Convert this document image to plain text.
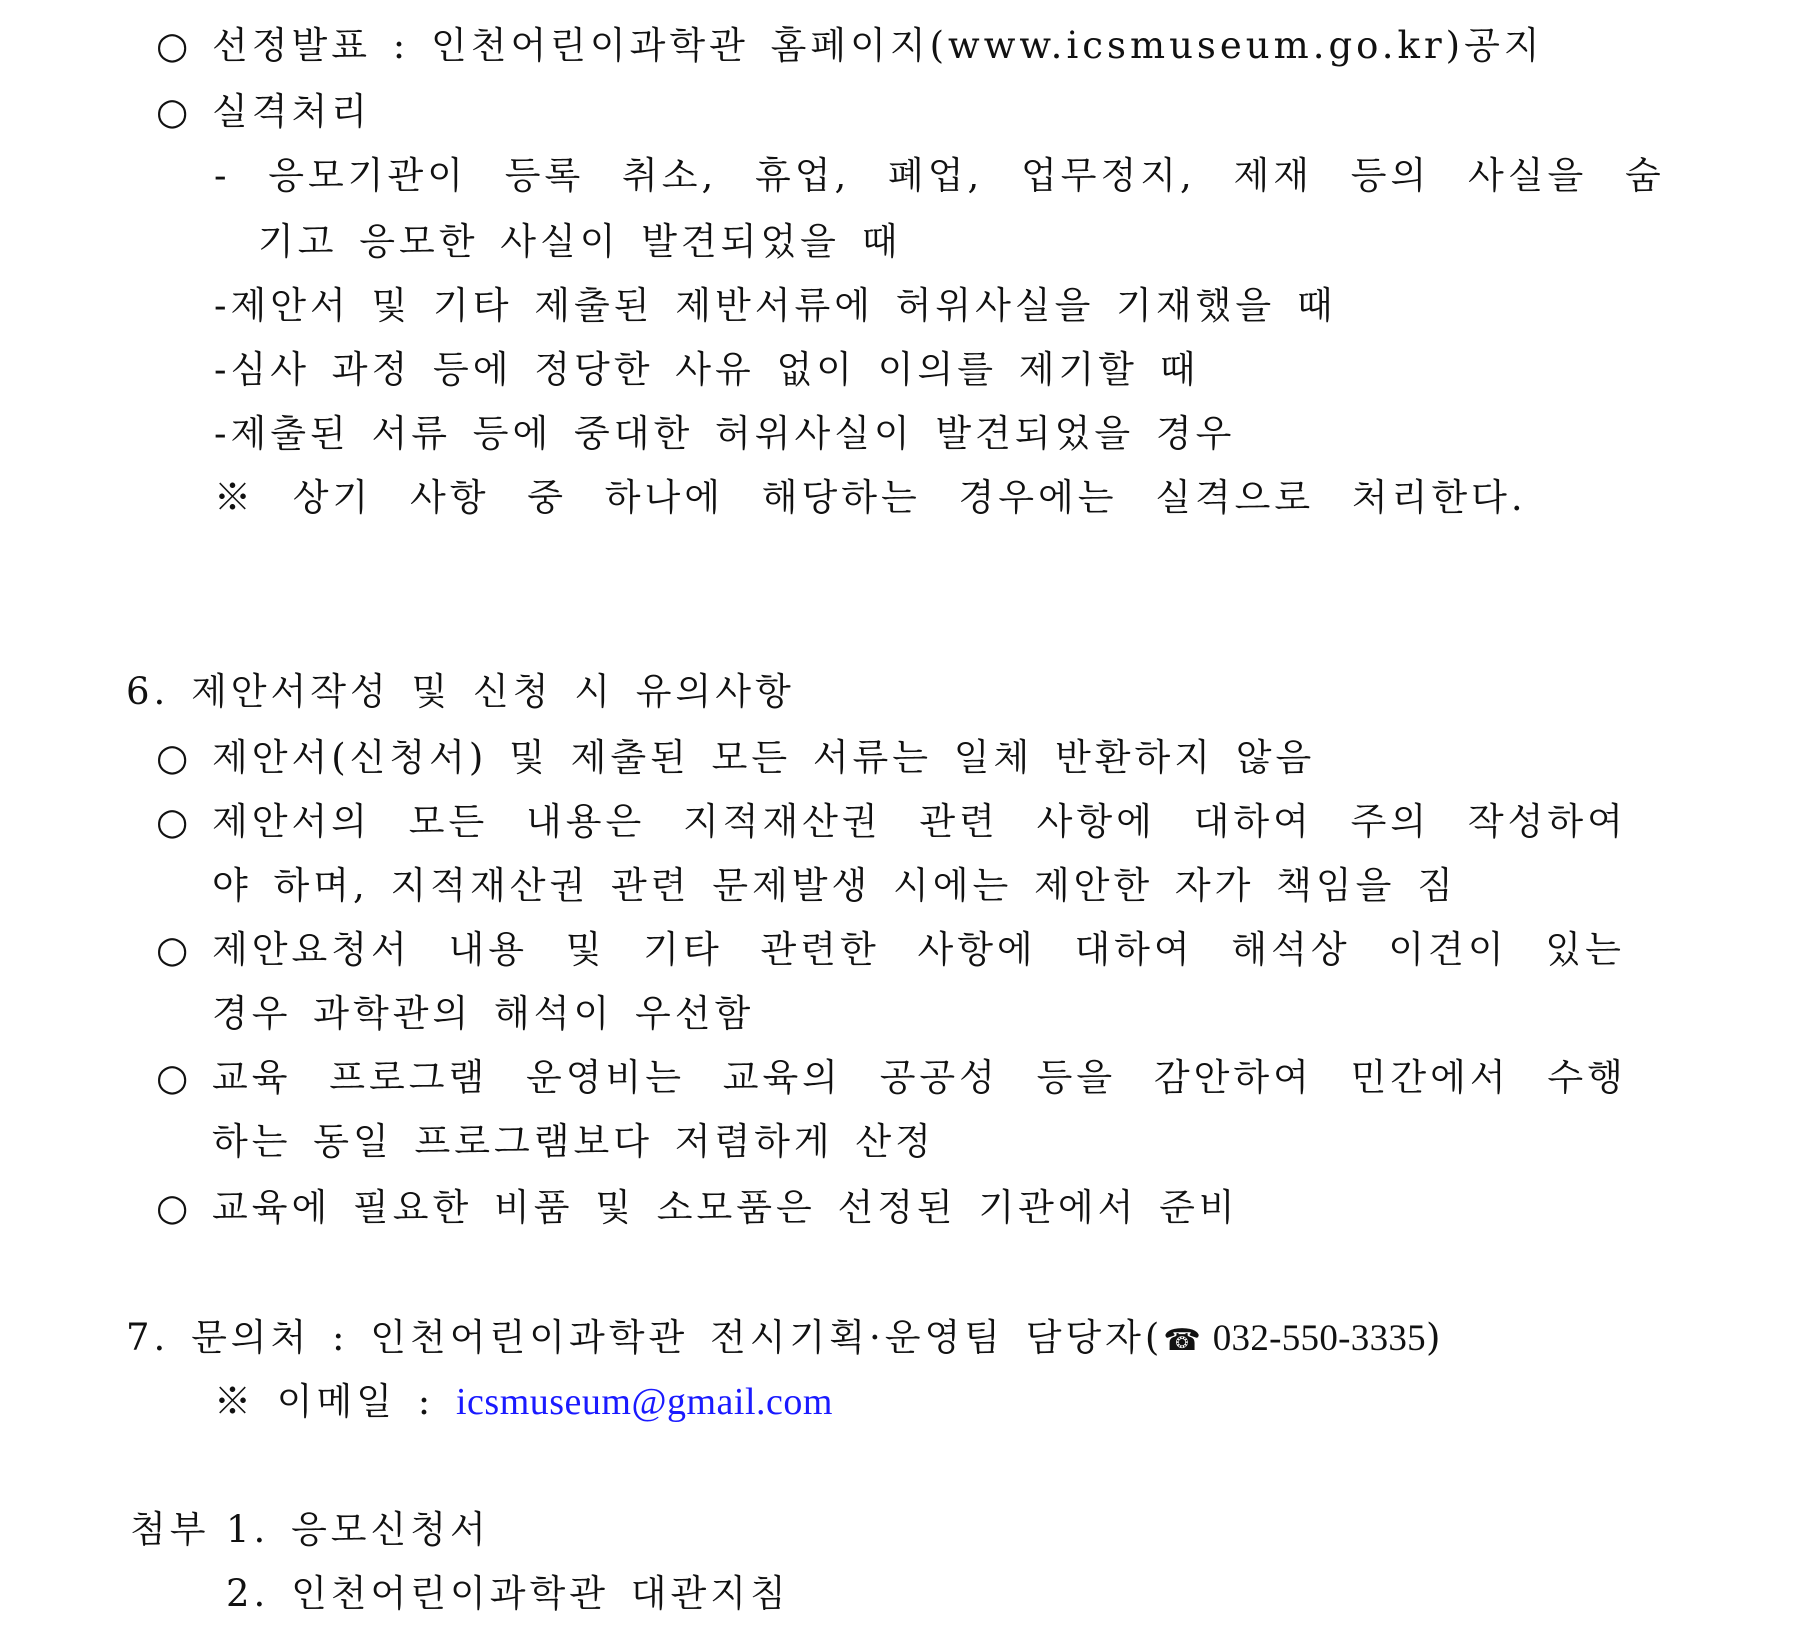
○ 선정발표 : 인천어린이과학관 홈페이지(www.icsmuseum.go.kr)공지
○ 실격처리
- 응모기관이 등록 취소, 휴업, 폐업, 업무정지, 제재 등의 사실을 숨
기고 응모한 사실이 발견되었을 때
-제안서 및 기타 제출된 제반서류에 허위사실을 기재했을 때
-심사 과정 등에 정당한 사유 없이 이의를 제기할 때
-제출된 서류 등에 중대한 허위사실이 발견되었을 경우
※ 상기 사항 중 하나에 해당하는 경우에는 실격으로 처리한다.
6. 제안서작성 및 신청 시 유의사항
○ 제안서(신청서) 및 제출된 모든 서류는 일체 반환하지 않음
○ 제안서의 모든 내용은 지적재산권 관련 사항에 대하여 주의 작성하여
야 하며, 지적재산권 관련 문제발생 시에는 제안한 자가 책임을 짐
○ 제안요청서 내용 및 기타 관련한 사항에 대하여 해석상 이견이 있는
경우 과학관의 해석이 우선함
○ 교육 프로그램 운영비는 교육의 공공성 등을 감안하여 민간에서 수행
하는 동일 프로그램보다 저렴하게 산정
○ 교육에 필요한 비품 및 소모품은 선정된 기관에서 준비
7. 문의처 : 인천어린이과학관 전시기획·운영팀 담당자(☎ 032-550-3335)
※ 이메일 : icsmuseum@gmail.com
첨부 1. 응모신청서
2. 인천어린이과학관 대관지침
